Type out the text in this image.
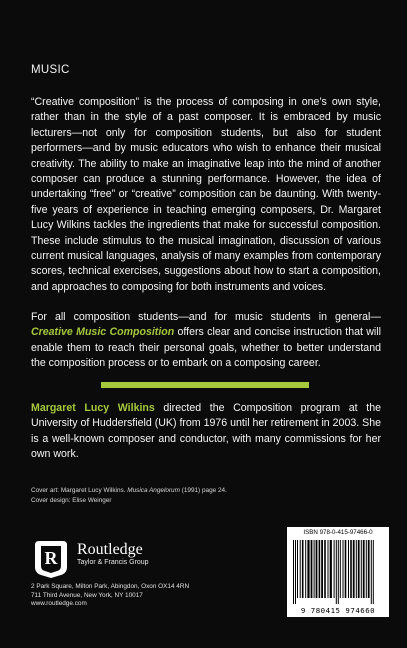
MUSIC

“Creative composition” is the process of composing in one’s own style, rather than in the style of a past composer. It is embraced by music lecturers—not only for composition students, but also for student performers—and by music educators who wish to enhance their musical creativity. The ability to make an imaginative leap into the mind of another composer can produce a stunning performance. However, the idea of undertaking “free” or “creative” composition can be daunting. With twenty-five years of experience in teaching emerging composers, Dr. Margaret Lucy Wilkins tackles the ingredients that make for successful composition. These include stimulus to the musical imagination, discussion of various current musical languages, analysis of many examples from contemporary scores, technical exercises, suggestions about how to start a composition, and approaches to composing for both instruments and voices.

For all composition students—and for music students in general—Creative Music Composition offers clear and concise instruction that will enable them to reach their personal goals, whether to better understand the composition process or to embark on a composing career.

Margaret Lucy Wilkins directed the Composition program at the University of Huddersfield (UK) from 1976 until her retirement in 2003. She is a well-known composer and conductor, with many commissions for her own work.

Cover art: Margaret Lucy Wilkins. Musica Angelorum (1991) page 24.
Cover design: Elise Weinger
R Routledge
Taylor & Francis Group
2 Park Square, Milton Park, Abingdon, Oxon OX14 4RN
711 Third Avenue, New York, NY 10017
www.routledge.com
ISBN 978-0-415-97466-0
9 780415 974660
